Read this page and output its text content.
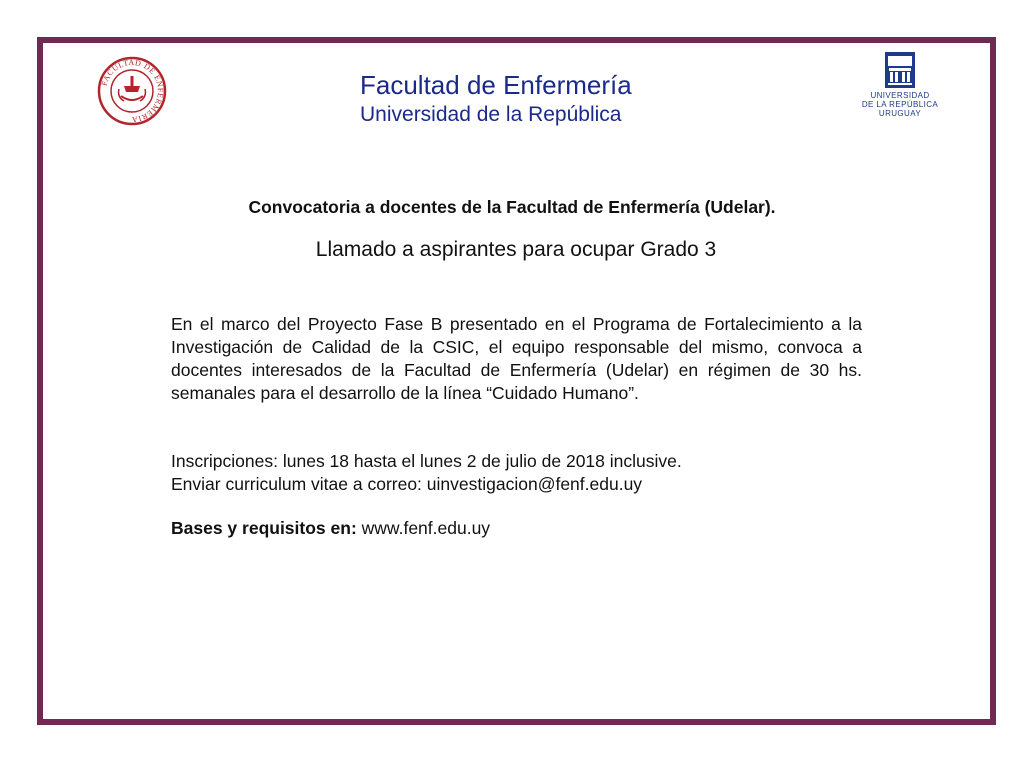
FACULTAD DE ENFERMERÍA
Facultad de Enfermería
Universidad de la República
UNIVERSIDAD
DE LA REPÚBLICA
URUGUAY
Convocatoria a docentes de la Facultad de Enfermería (Udelar).
Llamado a aspirantes para ocupar Grado 3
En el marco del Proyecto Fase B presentado en el Programa de Fortalecimiento a la Investigación de Calidad de la CSIC, el equipo responsable del mismo, convoca a docentes interesados de la Facultad de Enfermería (Udelar) en régimen de 30 hs. semanales para el desarrollo de la línea “Cuidado Humano”.
Inscripciones: lunes 18 hasta el lunes 2 de julio de 2018 inclusive.
Enviar curriculum vitae a correo: uinvestigacion@fenf.edu.uy
Bases y requisitos en: www.fenf.edu.uy
